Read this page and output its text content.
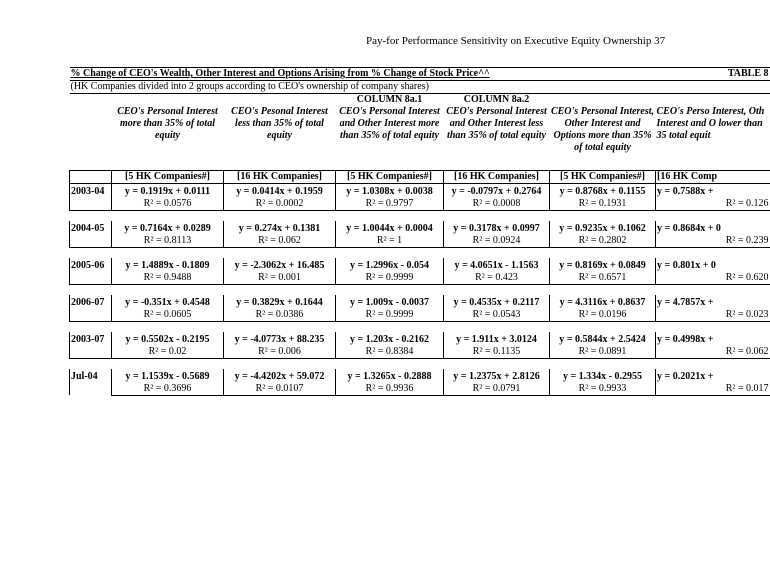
Pay-for Performance Sensitivity on Executive Equity Ownership 37
% Change of CEO's Wealth, Other Interest and Options Arising from % Change of Stock Price^^						TABLE 8
(HK Companies divided into 2 groups according to CEO's ownership of company shares)						
			COLUMN 8a.1	COLUMN 8a.2		
	CEO's Personal Interest more than 35% of total equity	CEO's Pesonal Interest less than 35% of total equity	CEO's Personal Interest and Other Interest more than 35% of total equity	CEO's Personal Interest and Other Interest less than 35% of total equity	CEO's Personal Interest, Other Interest and Options more than 35% of total equity	CEO's Perso Interest, Oth Interest and O lower than 35 total equit
	[5 HK Companies#]	[16 HK Companies]	[5 HK Companies#]	[16 HK Companies]	[5 HK Companies#]	[16 HK Comp
2003-04	y = 0.1919x + 0.0111	y = 0.0414x + 0.1959	y = 1.0308x + 0.0038	y = -0.0797x + 0.2764	y = 0.8768x + 0.1155	y = 0.7588x +
	R² = 0.0576	R² = 0.0002	R² = 0.9797	R² = 0.0008	R² = 0.1931	R² = 0.126

2004-05	y = 0.7164x + 0.0289	y = 0.274x + 0.1381	y = 1.0044x + 0.0004	y = 0.3178x + 0.0997	y = 0.9235x + 0.1062	y = 0.8684x + 0
	R² = 0.8113	R² = 0.062	R² = 1	R² = 0.0924	R² = 0.2802	R² = 0.239

2005-06	y = 1.4889x - 0.1809	y = -2.3062x + 16.485	y = 1.2996x - 0.054	y = 4.0651x - 1.1563	y = 0.8169x + 0.0849	y = 0.801x + 0
	R² = 0.9488	R² = 0.001	R² = 0.9999	R² = 0.423	R² = 0.6571	R² = 0.620

2006-07	y = -0.351x + 0.4548	y = 0.3829x + 0.1644	y = 1.009x - 0.0037	y = 0.4535x + 0.2117	y = 4.3116x + 0.8637	y = 4.7857x +
	R² = 0.0605	R² = 0.0386	R² = 0.9999	R² = 0.0543	R² = 0.0196	R² = 0.023

2003-07	y = 0.5502x - 0.2195	y = -4.0773x + 88.235	y = 1.203x - 0.2162	y = 1.911x + 3.0124	y = 0.5844x + 2.5424	y = 0.4998x +
	R² = 0.02	R² = 0.006	R² = 0.8384	R² = 0.1135	R² = 0.0891	R² = 0.062

Jul-04	y = 1.1539x - 0.5689	y = -4.4202x + 59.072	y = 1.3265x - 0.2888	y = 1.2375x + 2.8126	y = 1.334x - 0.2955	y = 0.2021x +
	R² = 0.3696	R² = 0.0107	R² = 0.9936	R² = 0.0791	R² = 0.9933	R² = 0.017
